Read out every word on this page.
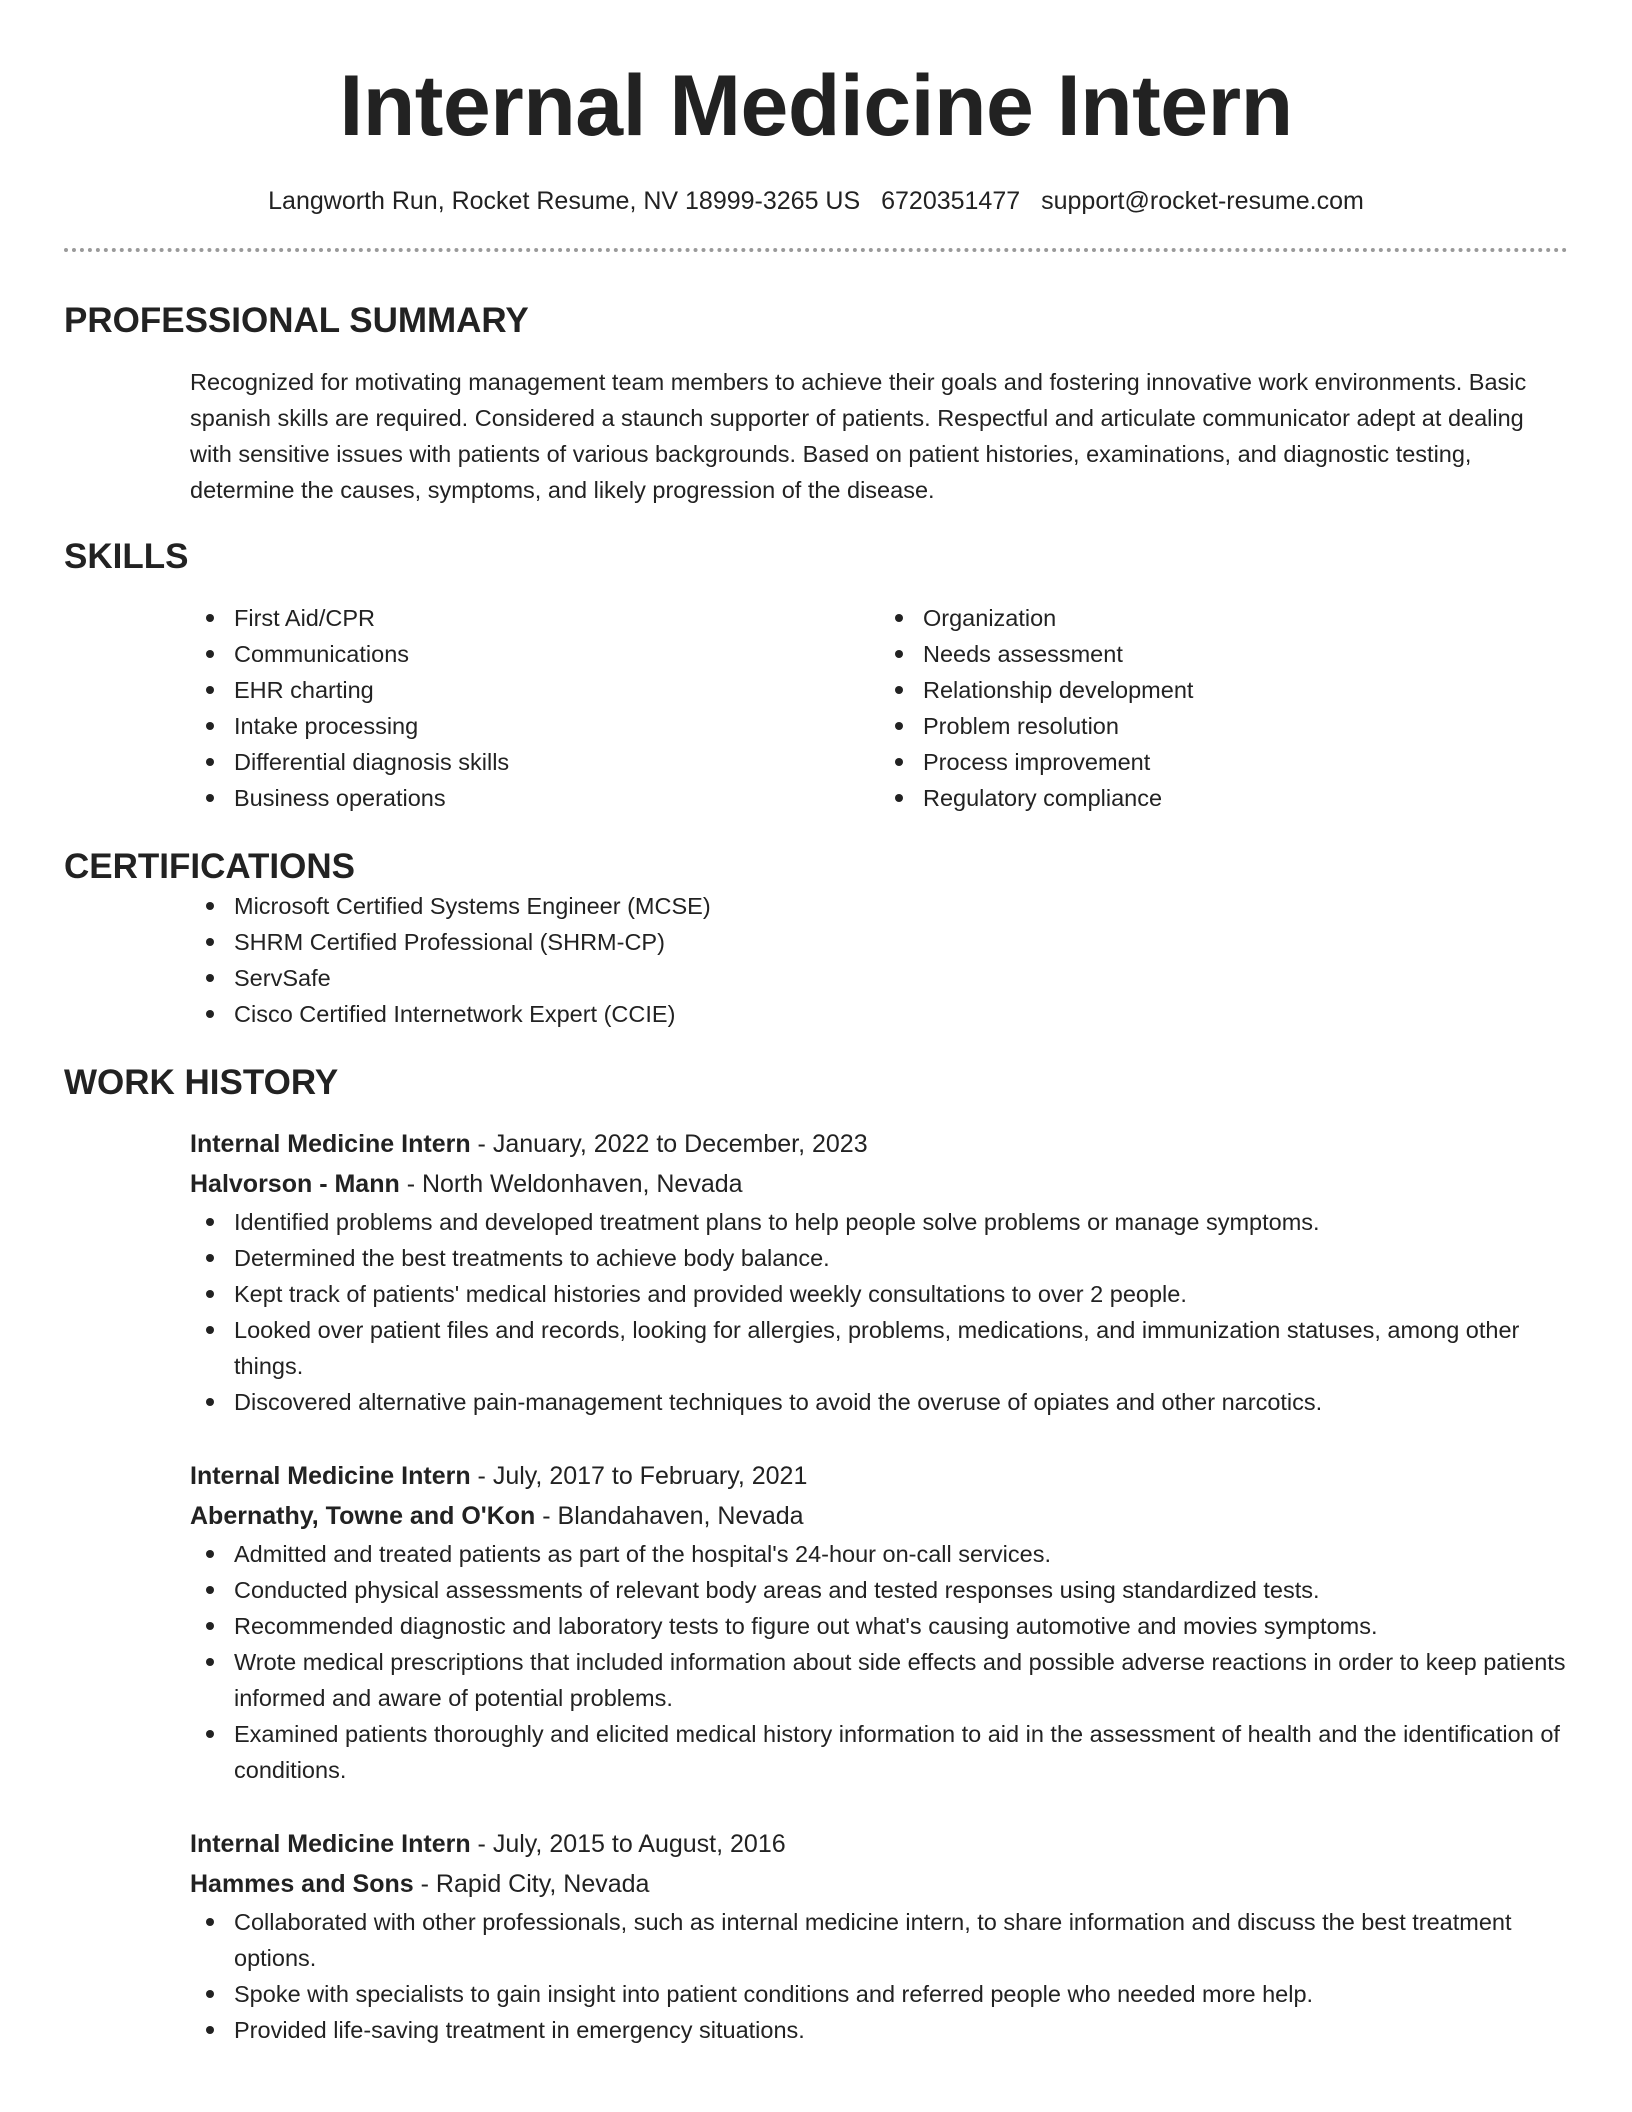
Internal Medicine Intern
Langworth Run, Rocket Resume, NV 18999-3265 US 6720351477 support@rocket-resume.com
PROFESSIONAL SUMMARY
Recognized for motivating management team members to achieve their goals and fostering innovative work environments. Basic spanish skills are required. Considered a staunch supporter of patients. Respectful and articulate communicator adept at dealing with sensitive issues with patients of various backgrounds. Based on patient histories, examinations, and diagnostic testing, determine the causes, symptoms, and likely progression of the disease.
SKILLS
First Aid/CPR
Communications
EHR charting
Intake processing
Differential diagnosis skills
Business operations
Organization
Needs assessment
Relationship development
Problem resolution
Process improvement
Regulatory compliance
CERTIFICATIONS
Microsoft Certified Systems Engineer (MCSE)
SHRM Certified Professional (SHRM-CP)
ServSafe
Cisco Certified Internetwork Expert (CCIE)
WORK HISTORY
Internal Medicine Intern - January, 2022 to December, 2023
Halvorson - Mann - North Weldonhaven, Nevada
Identified problems and developed treatment plans to help people solve problems or manage symptoms.
Determined the best treatments to achieve body balance.
Kept track of patients' medical histories and provided weekly consultations to over 2 people.
Looked over patient files and records, looking for allergies, problems, medications, and immunization statuses, among other things.
Discovered alternative pain-management techniques to avoid the overuse of opiates and other narcotics.
Internal Medicine Intern - July, 2017 to February, 2021
Abernathy, Towne and O'Kon - Blandahaven, Nevada
Admitted and treated patients as part of the hospital's 24-hour on-call services.
Conducted physical assessments of relevant body areas and tested responses using standardized tests.
Recommended diagnostic and laboratory tests to figure out what's causing automotive and movies symptoms.
Wrote medical prescriptions that included information about side effects and possible adverse reactions in order to keep patients informed and aware of potential problems.
Examined patients thoroughly and elicited medical history information to aid in the assessment of health and the identification of conditions.
Internal Medicine Intern - July, 2015 to August, 2016
Hammes and Sons - Rapid City, Nevada
Collaborated with other professionals, such as internal medicine intern, to share information and discuss the best treatment options.
Spoke with specialists to gain insight into patient conditions and referred people who needed more help.
Provided life-saving treatment in emergency situations.
